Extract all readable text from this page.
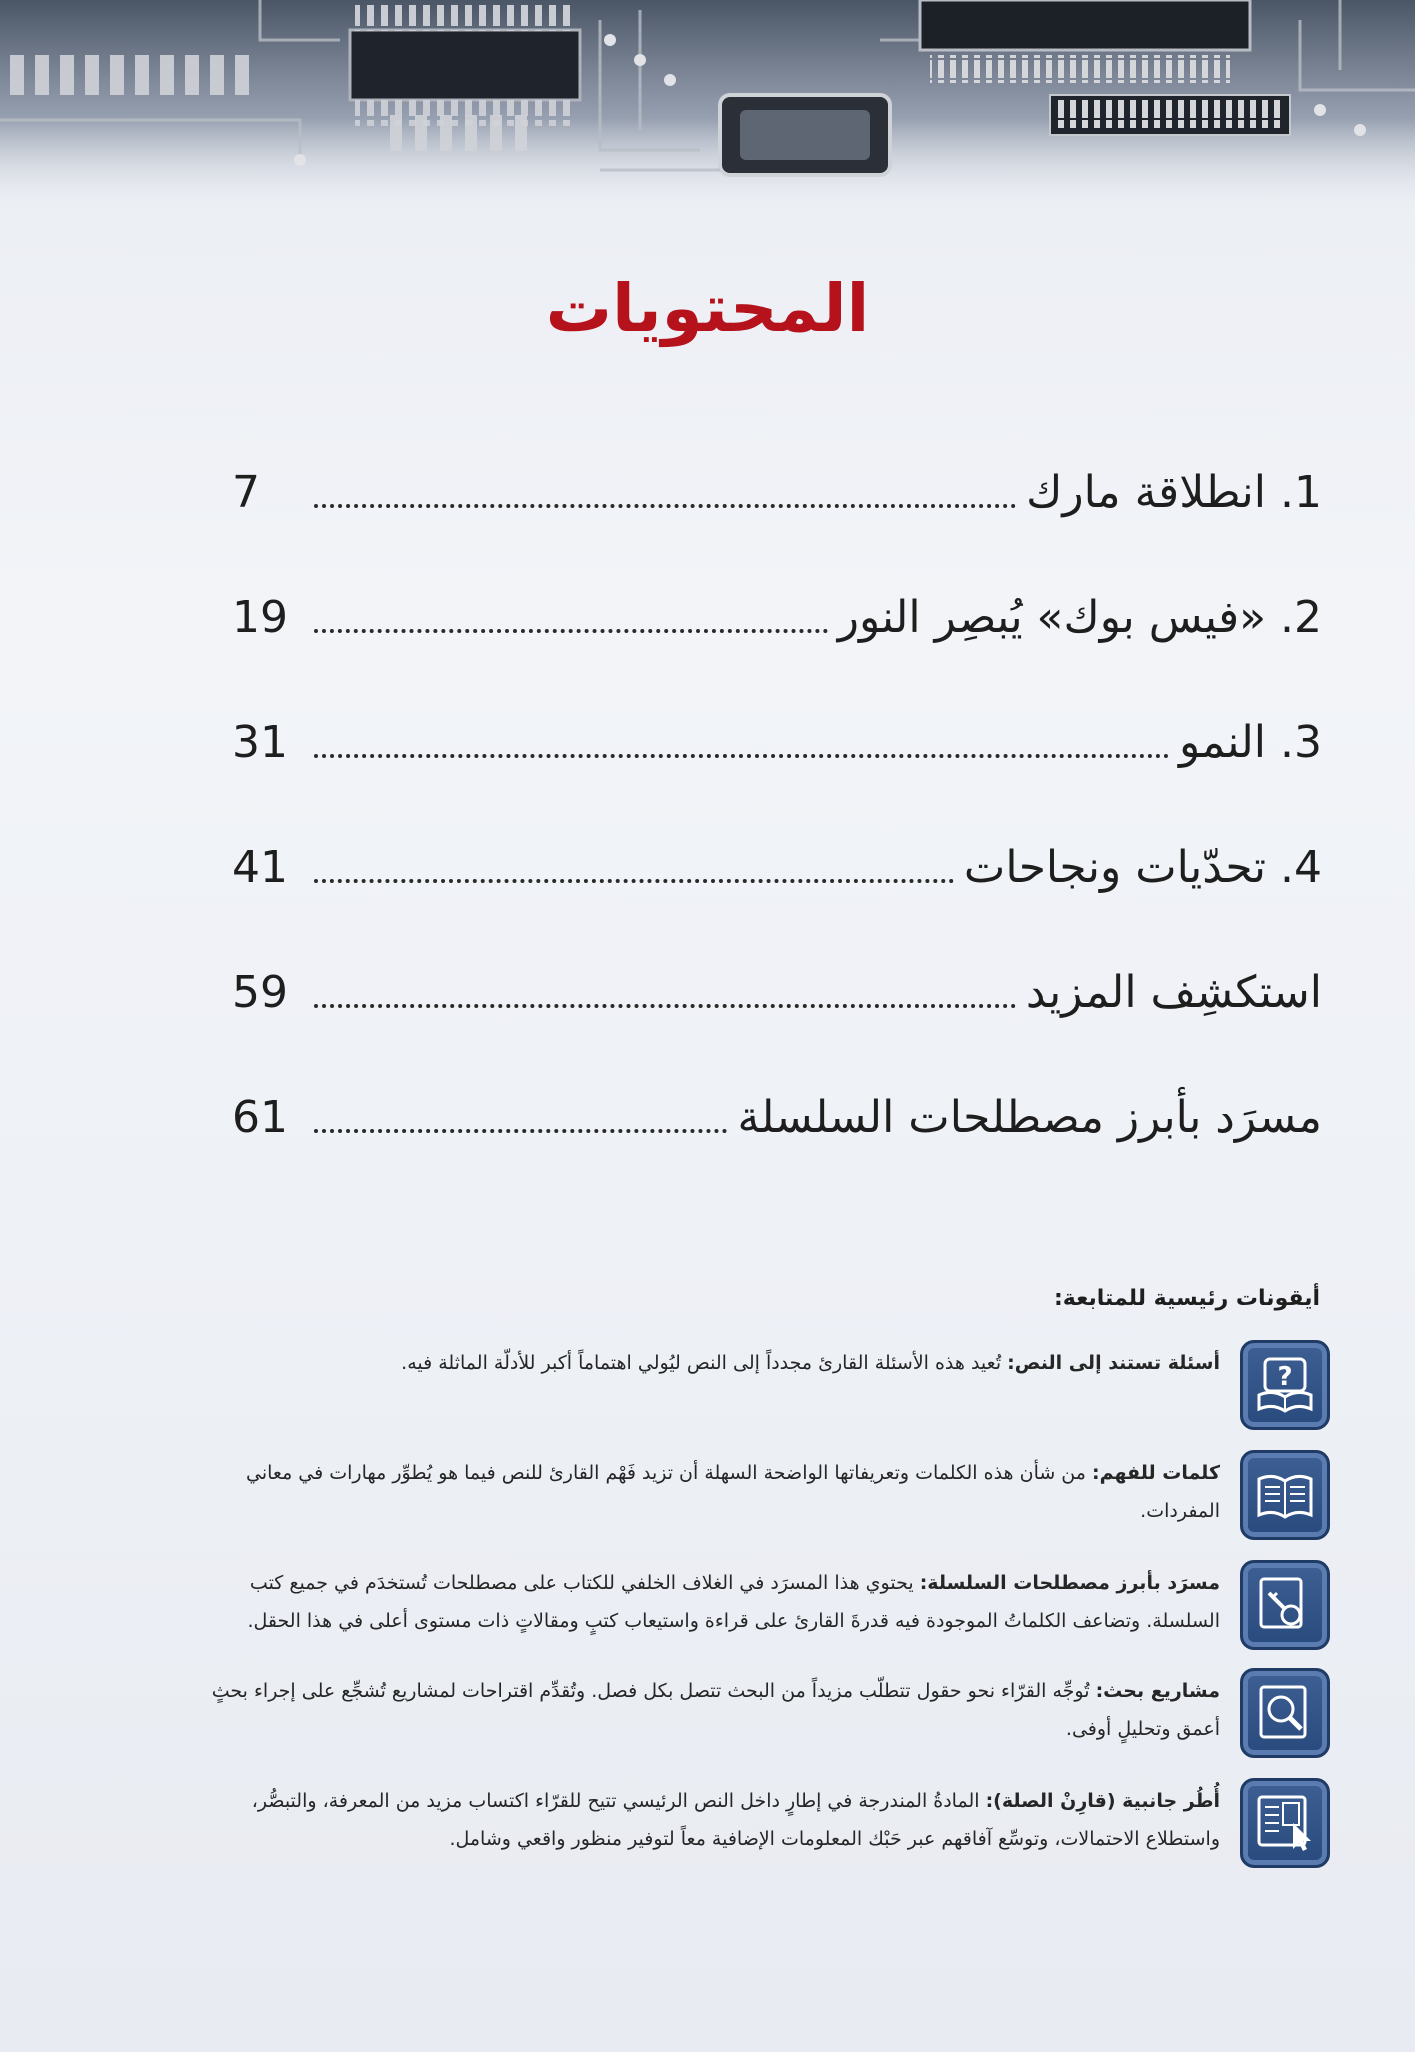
المحتويات
1. انطلاقة مارك
7
2. «فيس بوك» يُبصِر النور
19
3. النمو
31
4. تحدّيات ونجاحات
41
استكشِف المزيد
59
مسرَد بأبرز مصطلحات السلسلة
61
أيقونات رئيسية للمتابعة:
?
أسئلة تستند إلى النص: تُعيد هذه الأسئلة القارئ مجدداً إلى النص ليُولي اهتماماً أكبر للأدلّة الماثلة فيه.
كلمات للفهم: من شأن هذه الكلمات وتعريفاتها الواضحة السهلة أن تزيد فَهْم القارئ للنص فيما هو يُطوِّر مهارات في معاني المفردات.
مسرَد بأبرز مصطلحات السلسلة: يحتوي هذا المسرَد في الغلاف الخلفي للكتاب على مصطلحات تُستخدَم في جميع كتب السلسلة. وتضاعف الكلماتُ الموجودة فيه قدرةَ القارئ على قراءة واستيعاب كتبٍ ومقالاتٍ ذات مستوى أعلى في هذا الحقل.
مشاريع بحث: تُوجِّه القرّاء نحو حقول تتطلّب مزيداً من البحث تتصل بكل فصل. وتُقدِّم اقتراحات لمشاريع تُشجِّع على إجراء بحثٍ أعمق وتحليلٍ أوفى.
أُطُر جانبية (قارِنْ الصلة): المادةُ المندرجة في إطارٍ داخل النص الرئيسي تتيح للقرّاء اكتساب مزيد من المعرفة، والتبصُّر، واستطلاع الاحتمالات، وتوسِّع آفاقهم عبر حَبْك المعلومات الإضافية معاً لتوفير منظور واقعي وشامل.
